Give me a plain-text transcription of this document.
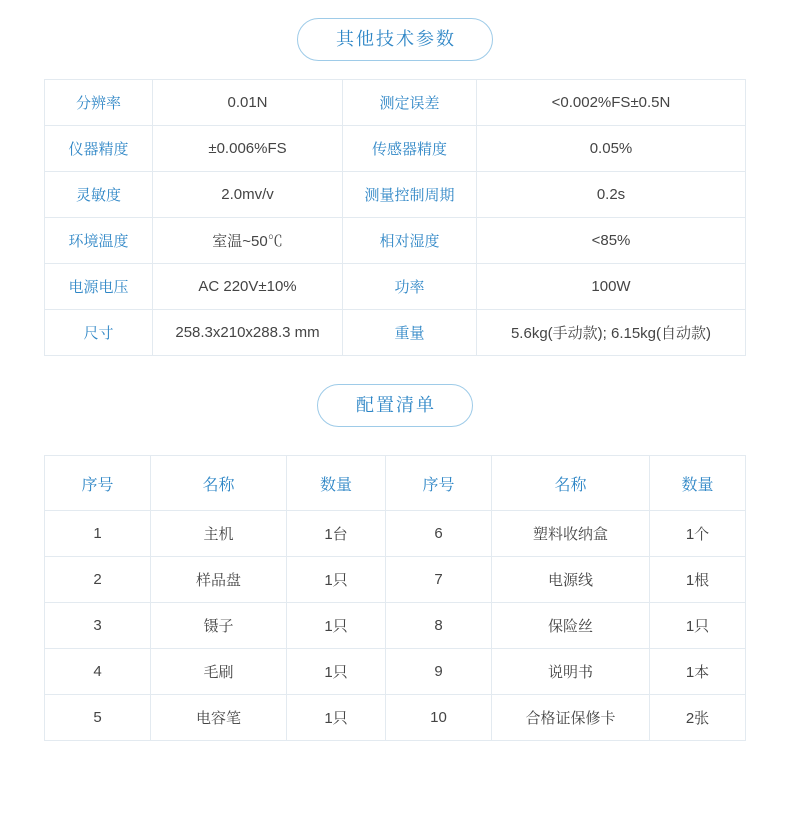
其他技术参数
分辨率	0.01N	测定误差	<0.002%FS±0.5N
仪器精度	±0.006%FS	传感器精度	0.05%
灵敏度	2.0mv/v	测量控制周期	0.2s
环境温度	室温~50℃	相对湿度	<85%
电源电压	AC 220V±10%	功率	100W
尺寸	258.3x210x288.3 mm	重量	5.6kg(手动款); 6.15kg(自动款)
配置清单
序号	名称	数量	序号	名称	数量
1	主机	1台	6	塑料收纳盒	1个
2	样品盘	1只	7	电源线	1根
3	镊子	1只	8	保险丝	1只
4	毛刷	1只	9	说明书	1本
5	电容笔	1只	10	合格证保修卡	2张
